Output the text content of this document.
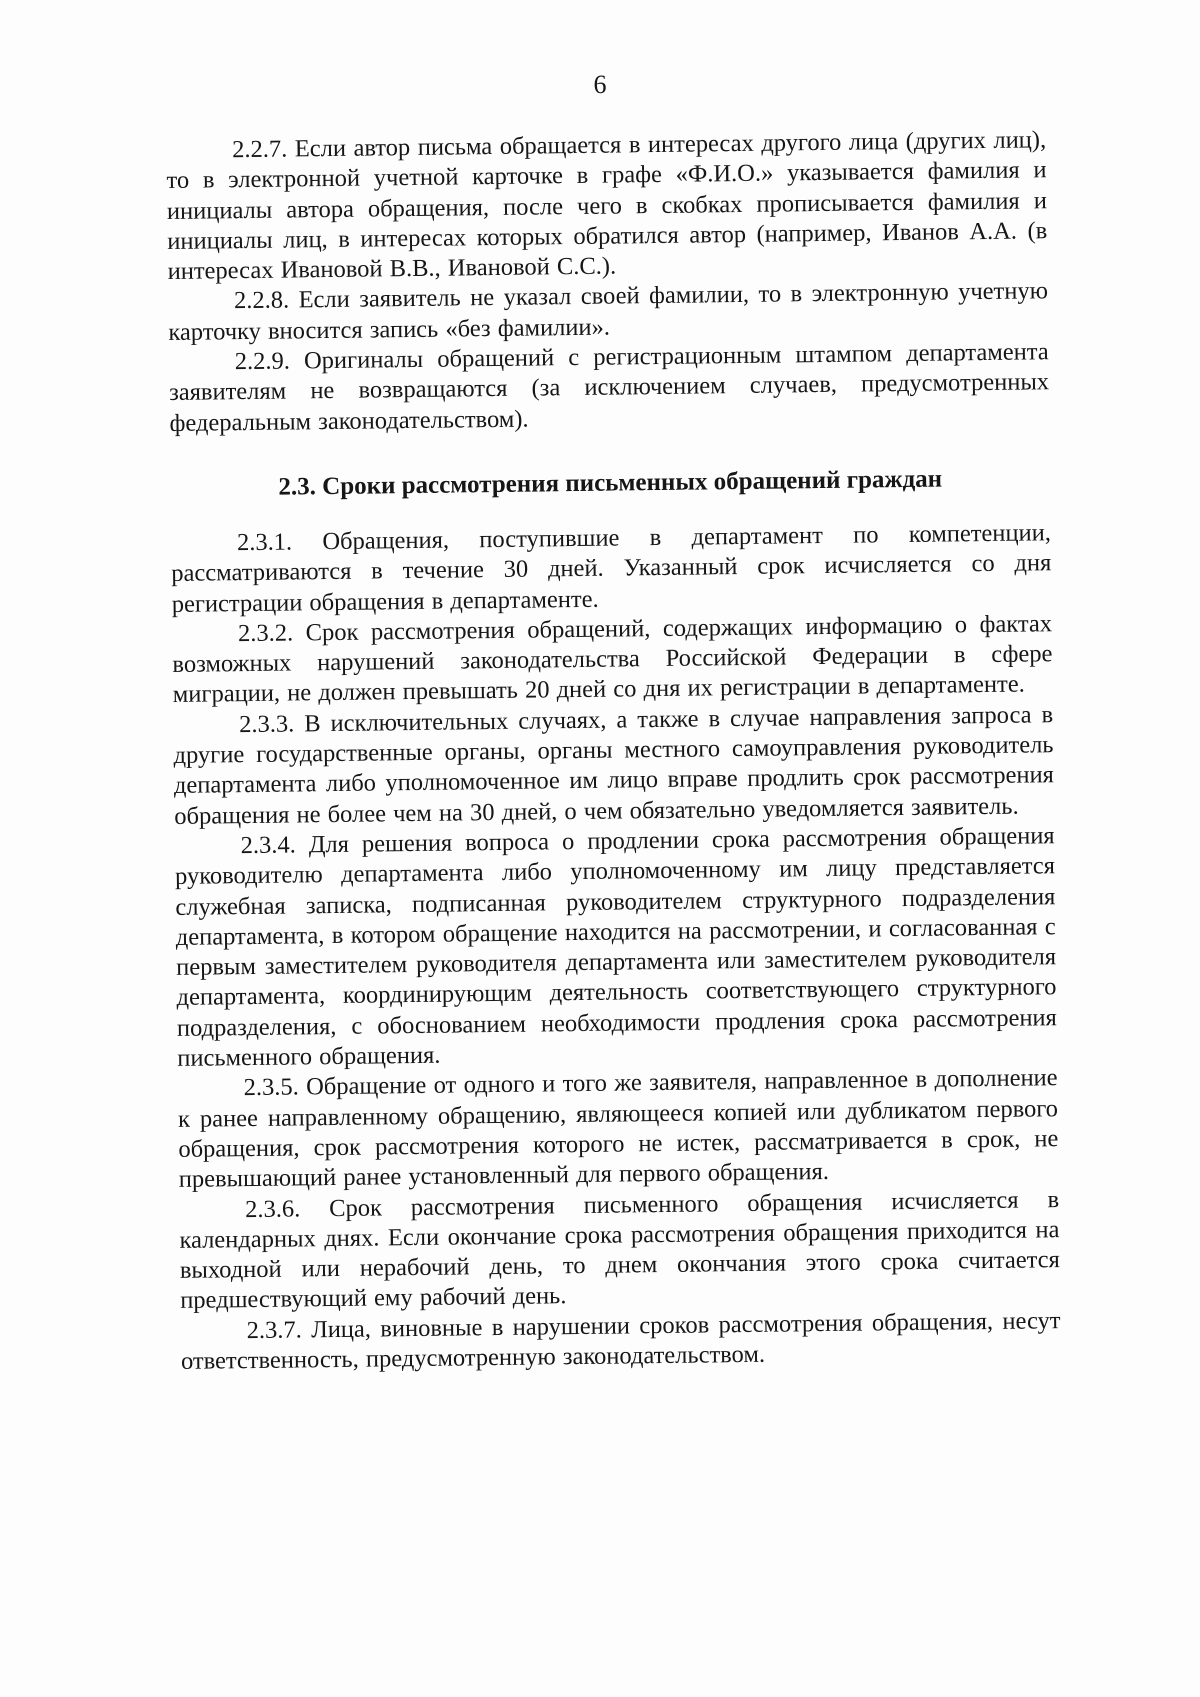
6

2.2.7. Если автор письма обращается в интересах другого лица (других лиц), то в электронной учетной карточке в графе «Ф.И.О.» указывается фамилия и инициалы автора обращения, после чего в скобках прописывается фамилия и инициалы лиц, в интересах которых обратился автор (например, Иванов А.А. (в интересах Ивановой В.В., Ивановой С.С.).

2.2.8. Если заявитель не указал своей фамилии, то в электронную учетную карточку вносится запись «без фамилии».

2.2.9. Оригиналы обращений с регистрационным штампом департамента заявителям не возвращаются (за исключением случаев, предусмотренных федеральным законодательством).

2.3. Сроки рассмотрения письменных обращений граждан

2.3.1. Обращения, поступившие в департамент по компетенции, рассматриваются в течение 30 дней. Указанный срок исчисляется со дня регистрации обращения в департаменте.

2.3.2. Срок рассмотрения обращений, содержащих информацию о фактах возможных нарушений законодательства Российской Федерации в сфере миграции, не должен превышать 20 дней со дня их регистрации в департаменте.

2.3.3. В исключительных случаях, а также в случае направления запроса в другие государственные органы, органы местного самоуправления руководитель департамента либо уполномоченное им лицо вправе продлить срок рассмотрения обращения не более чем на 30 дней, о чем обязательно уведомляется заявитель.

2.3.4. Для решения вопроса о продлении срока рассмотрения обращения руководителю департамента либо уполномоченному им лицу представляется служебная записка, подписанная руководителем структурного подразделения департамента, в котором обращение находится на рассмотрении, и согласованная с первым заместителем руководителя департамента или заместителем руководителя департамента, координирующим деятельность соответствующего структурного подразделения, с обоснованием необходимости продления срока рассмотрения письменного обращения.

2.3.5. Обращение от одного и того же заявителя, направленное в дополнение к ранее направленному обращению, являющееся копией или дубликатом первого обращения, срок рассмотрения которого не истек, рассматривается в срок, не превышающий ранее установленный для первого обращения.

2.3.6. Срок рассмотрения письменного обращения исчисляется в календарных днях. Если окончание срока рассмотрения обращения приходится на выходной или нерабочий день, то днем окончания этого срока считается предшествующий ему рабочий день.

2.3.7. Лица, виновные в нарушении сроков рассмотрения обращения, несут ответственность, предусмотренную законодательством.
